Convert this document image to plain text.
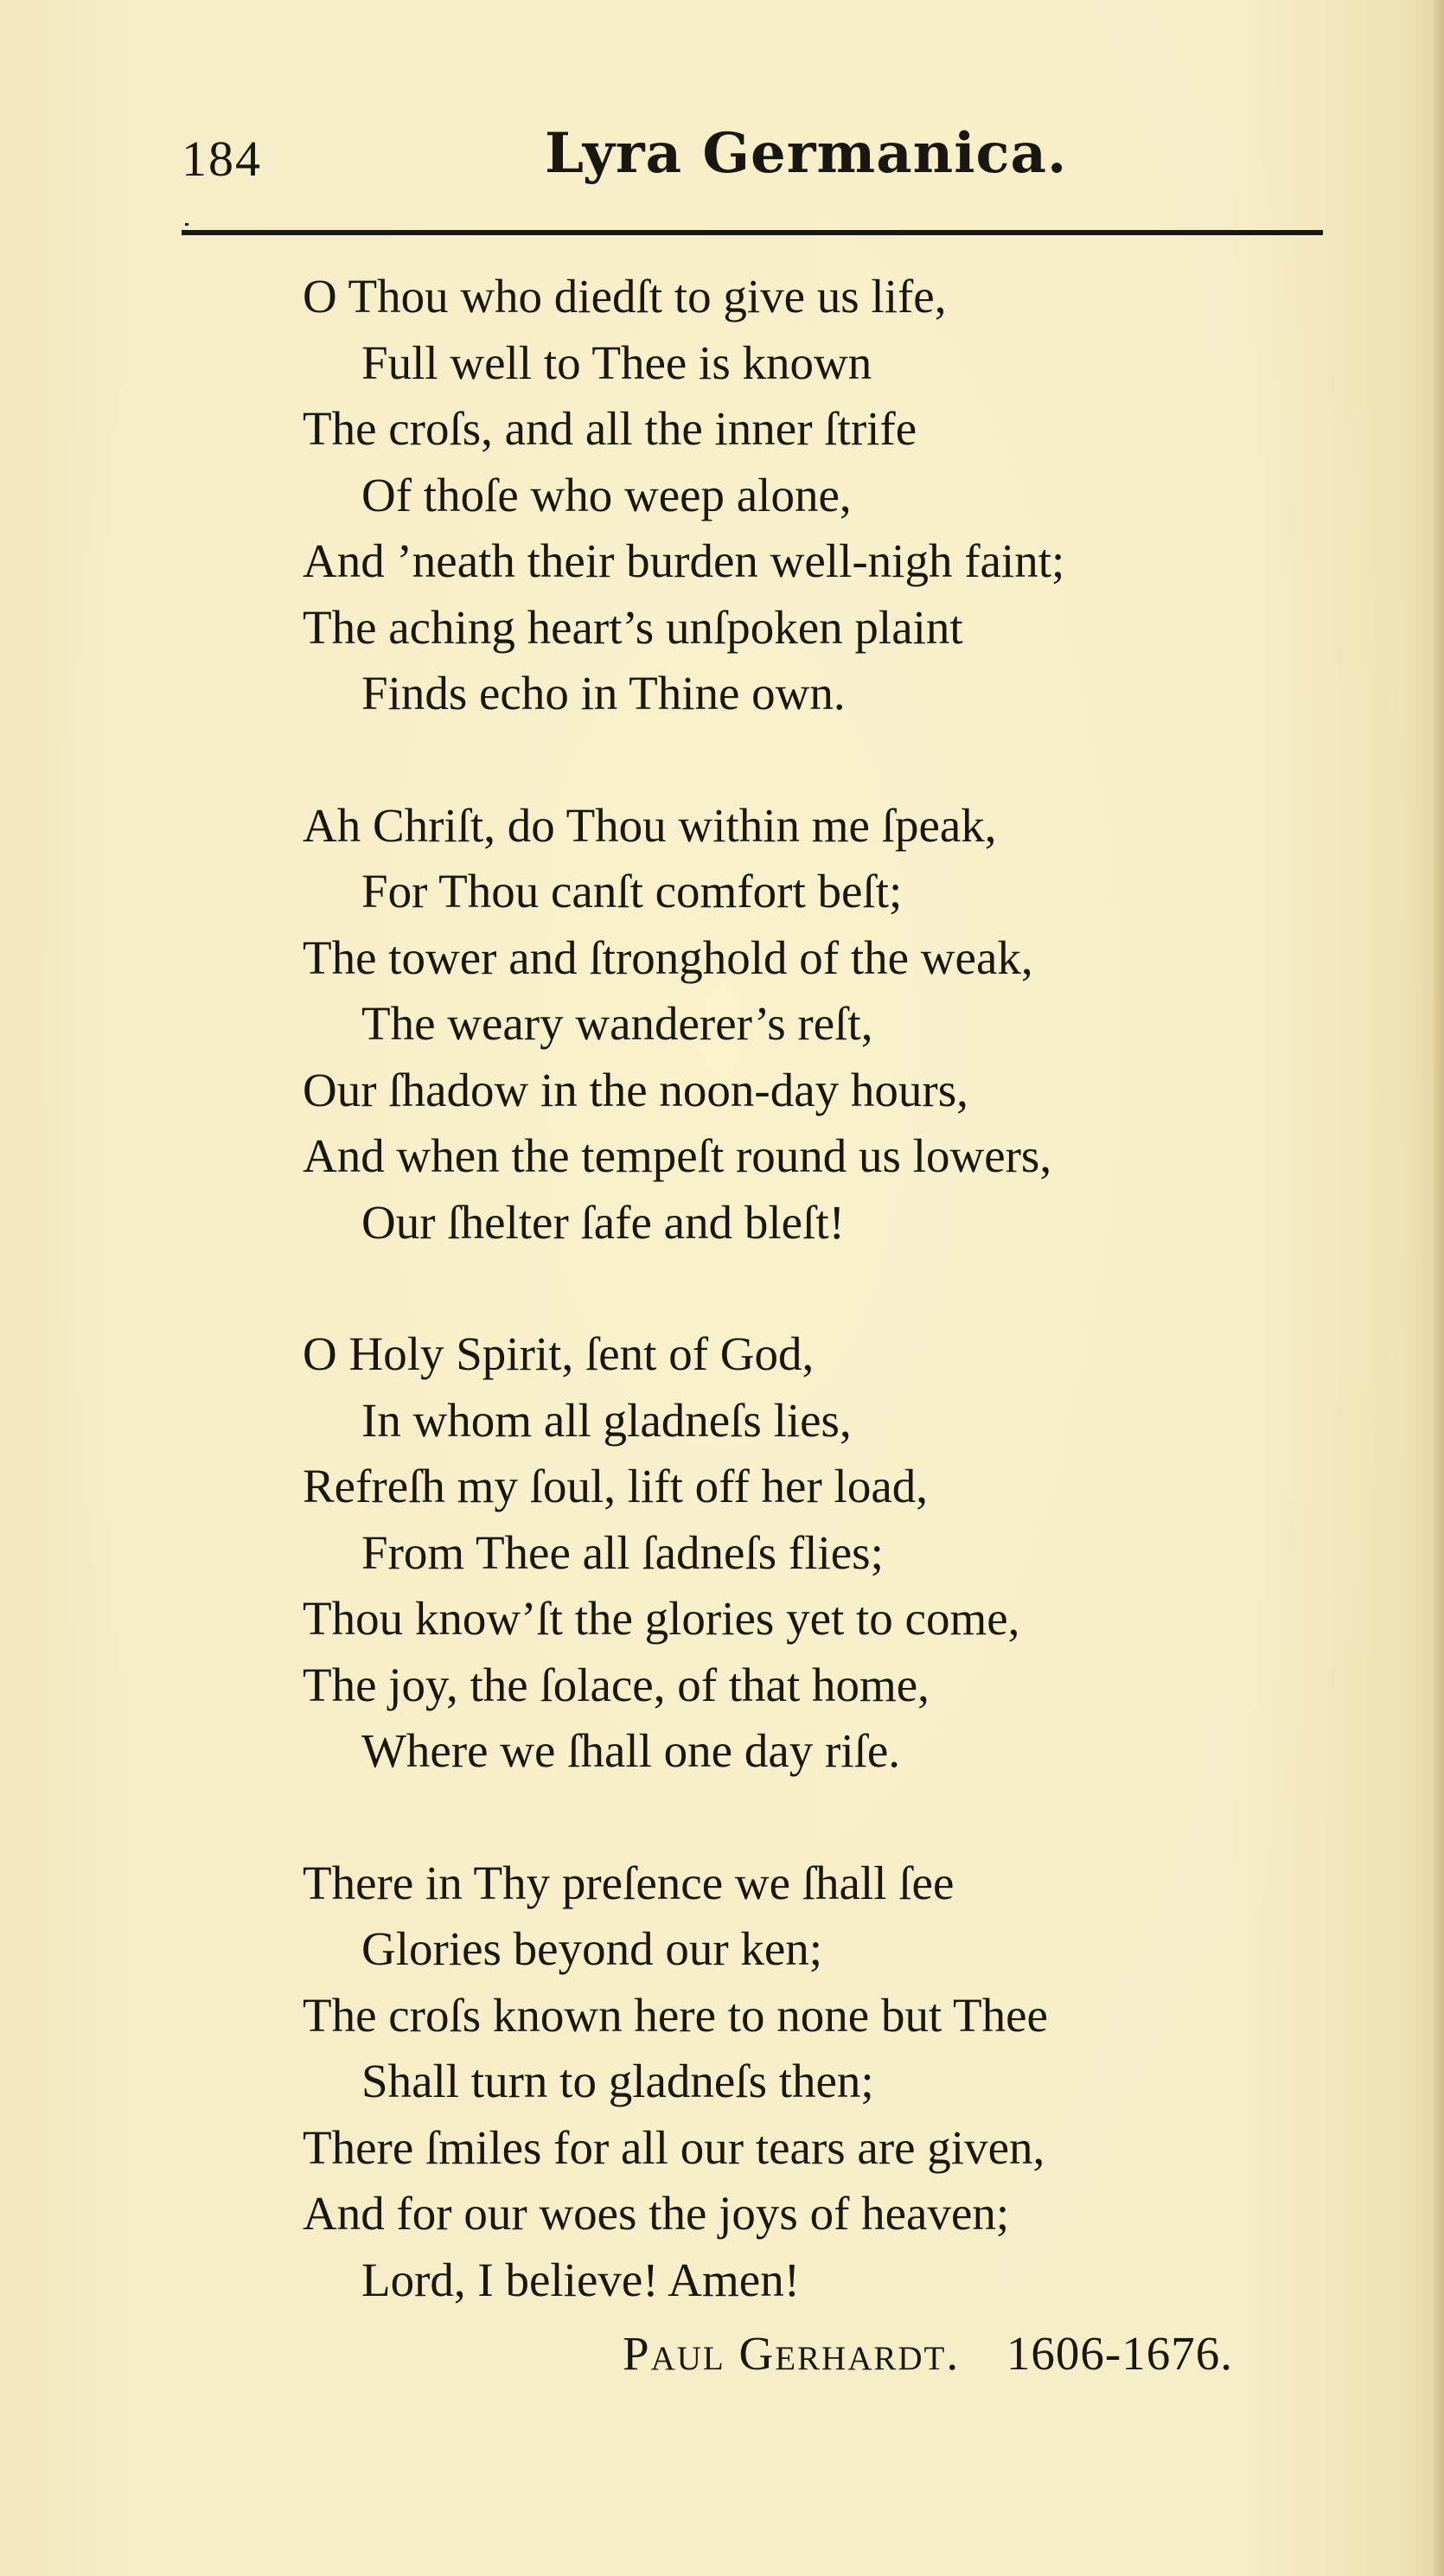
184	Lyra Germanica.
O Thou who diedſt to give us life,
Full well to Thee is known
The croſs, and all the inner ſtrife
Of thoſe who weep alone,
And ’neath their burden well-nigh faint;
The aching heart’s unſpoken plaint
Finds echo in Thine own.
Ah Chriſt, do Thou within me ſpeak,
For Thou canſt comfort beſt;
The tower and ſtronghold of the weak,
The weary wanderer’s reſt,
Our ſhadow in the noon-day hours,
And when the tempeſt round us lowers,
Our ſhelter ſafe and bleſt!
O Holy Spirit, ſent of God,
In whom all gladneſs lies,
Refreſh my ſoul, lift off her load,
From Thee all ſadneſs flies;
Thou know’ſt the glories yet to come,
The joy, the ſolace, of that home,
Where we ſhall one day riſe.
There in Thy preſence we ſhall ſee
Glories beyond our ken;
The croſs known here to none but Thee
Shall turn to gladneſs then;
There ſmiles for all our tears are given,
And for our woes the joys of heaven;
Lord, I believe! Amen!
Paul Gerhardt. 1606-1676.
